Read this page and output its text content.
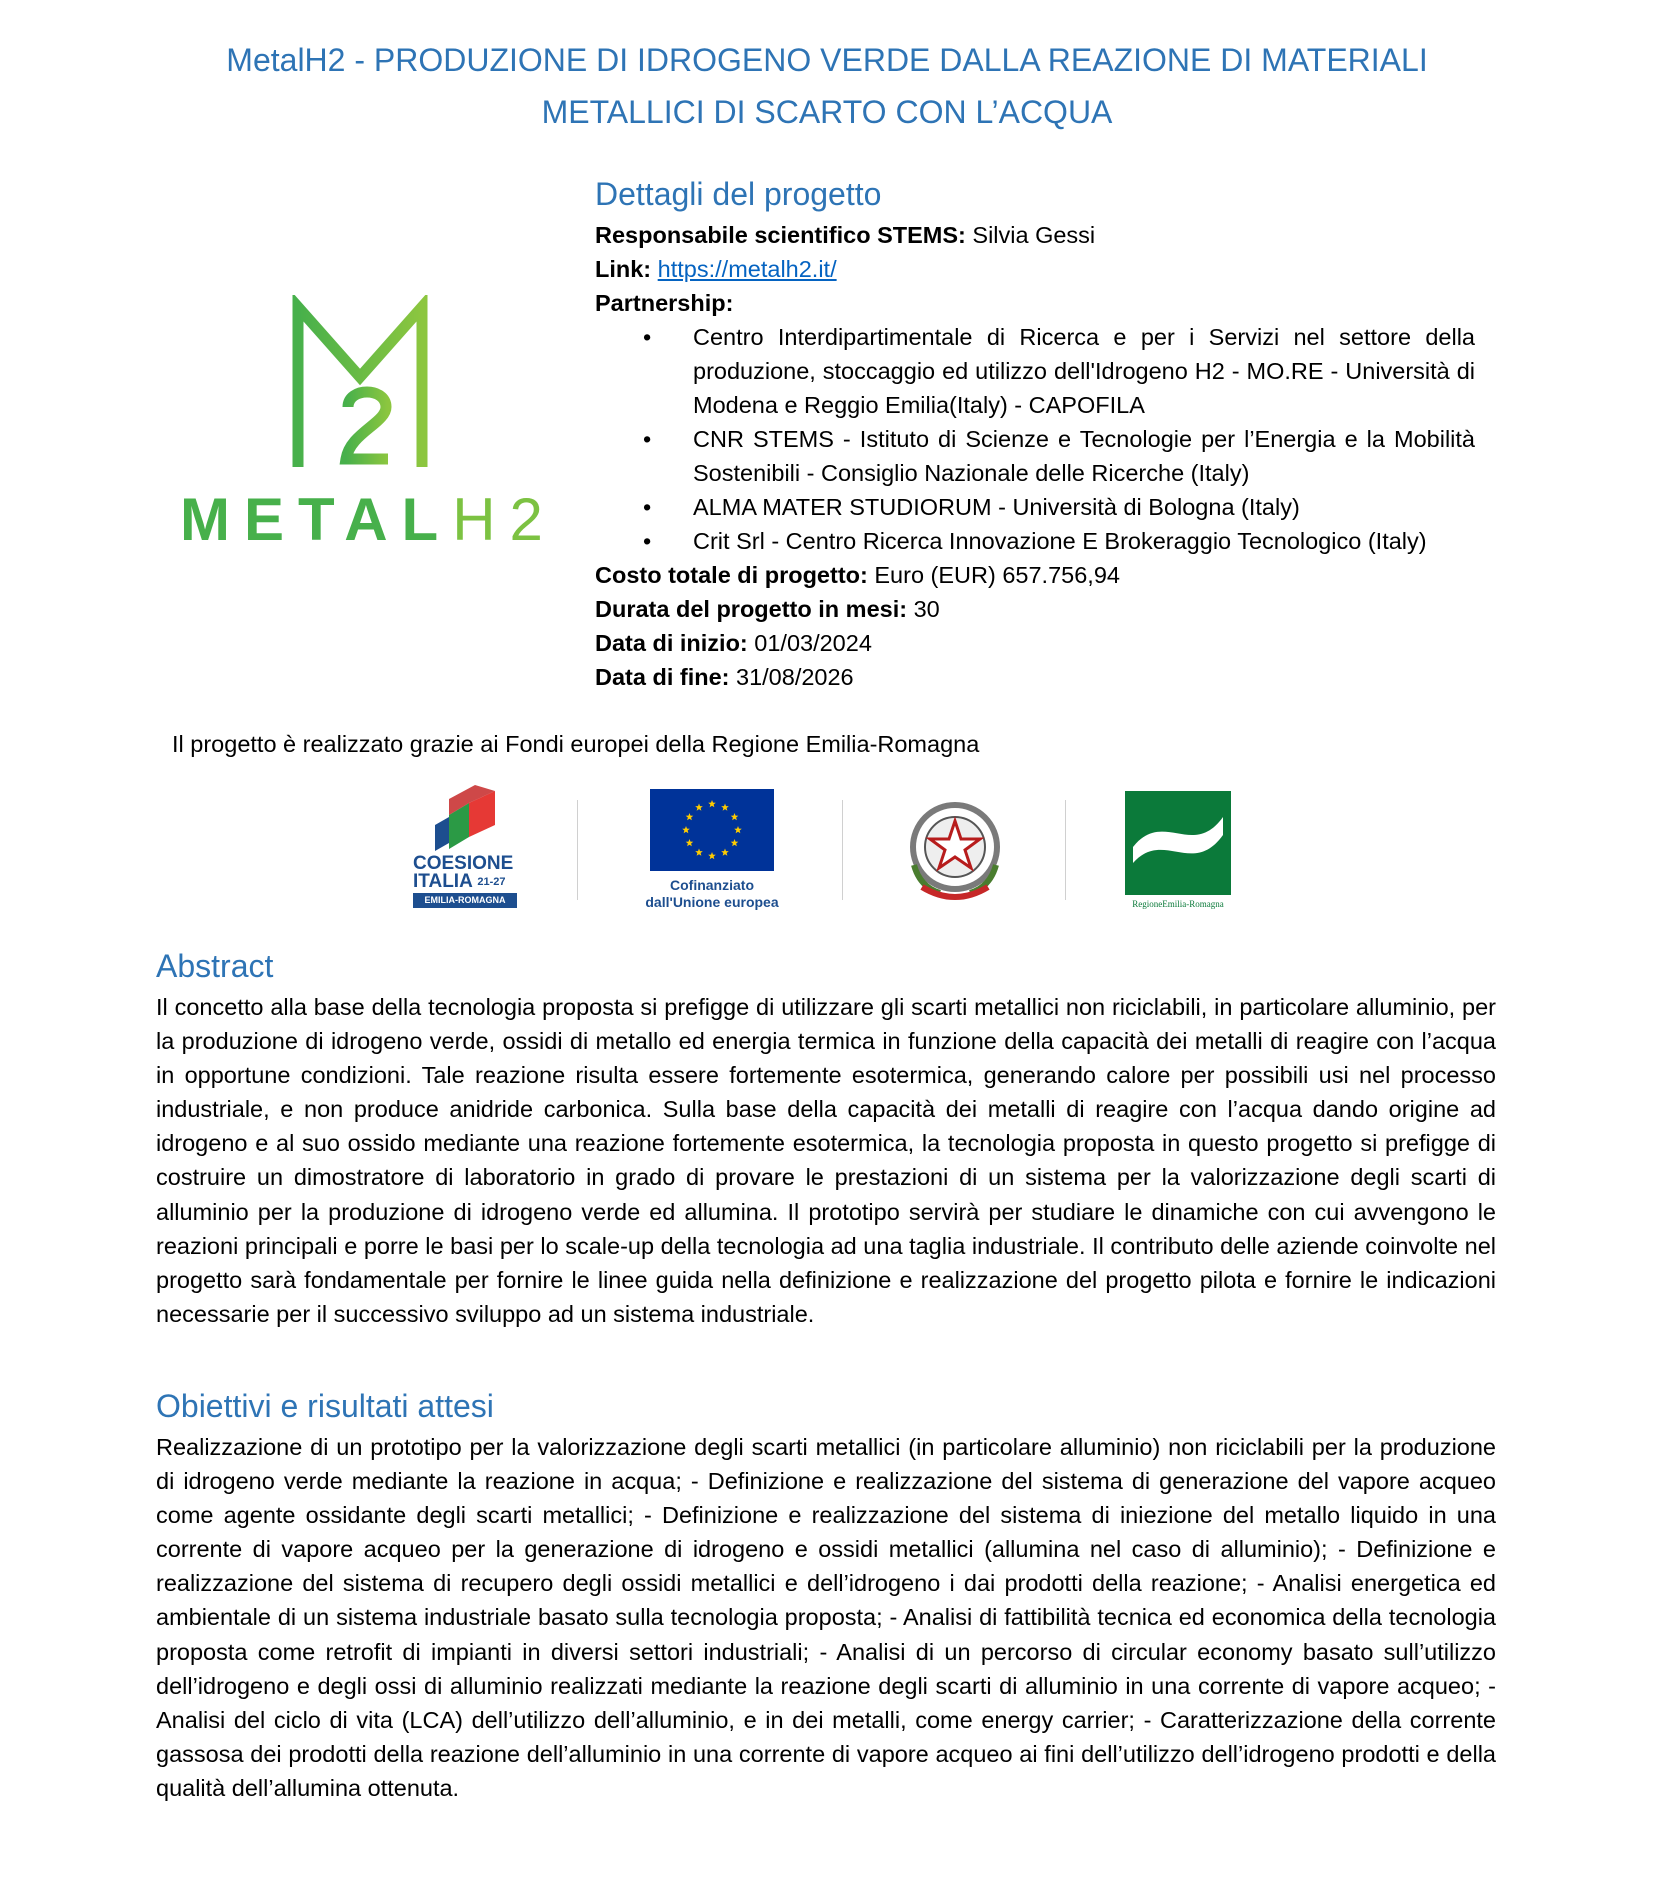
MetalH2 - PRODUZIONE DI IDROGENO VERDE DALLA REAZIONE DI MATERIALI
METALLICI DI SCARTO CON L’ACQUA
METALH2
Dettagli del progetto
Responsabile scientifico STEMS: Silvia Gessi
Link: https://metalh2.it/
Partnership:
• Centro Interdipartimentale di Ricerca e per i Servizi nel settore della produzione, stoccaggio ed utilizzo dell'Idrogeno H2 - MO.RE - Università di Modena e Reggio Emilia(Italy) - CAPOFILA
• CNR STEMS - Istituto di Scienze e Tecnologie per l’Energia e la Mobilità Sostenibili - Consiglio Nazionale delle Ricerche (Italy)
• ALMA MATER STUDIORUM - Università di Bologna (Italy)
• Crit Srl - Centro Ricerca Innovazione E Brokeraggio Tecnologico (Italy)
Costo totale di progetto: Euro (EUR) 657.756,94
Durata del progetto in mesi: 30
Data di inizio: 01/03/2024
Data di fine: 31/08/2026
Il progetto è realizzato grazie ai Fondi europei della Regione Emilia-Romagna
COESIONE
ITALIA $^{21-27}$
EMILIA-ROMAGNA
Cofinanziato
dall'Unione europea	RegioneEmilia-Romagna
Abstract

Il concetto alla base della tecnologia proposta si prefigge di utilizzare gli scarti metallici non riciclabili, in particolare alluminio, per la produzione di idrogeno verde, ossidi di metallo ed energia termica in funzione della capacità dei metalli di reagire con l’acqua in opportune condizioni. Tale reazione risulta essere fortemente esotermica, generando calore per possibili usi nel processo industriale, e non produce anidride carbonica. Sulla base della capacità dei metalli di reagire con l’acqua dando origine ad idrogeno e al suo ossido mediante una reazione fortemente esotermica, la tecnologia proposta in questo progetto si prefigge di costruire un dimostratore di laboratorio in grado di provare le prestazioni di un sistema per la valorizzazione degli scarti di alluminio per la produzione di idrogeno verde ed allumina. Il prototipo servirà per studiare le dinamiche con cui avvengono le reazioni principali e porre le basi per lo scale-up della tecnologia ad una taglia industriale. Il contributo delle aziende coinvolte nel progetto sarà fondamentale per fornire le linee guida nella definizione e realizzazione del progetto pilota e fornire le indicazioni necessarie per il successivo sviluppo ad un sistema industriale.

Obiettivi e risultati attesi

Realizzazione di un prototipo per la valorizzazione degli scarti metallici (in particolare alluminio) non riciclabili per la produzione di idrogeno verde mediante la reazione in acqua; - Definizione e realizzazione del sistema di generazione del vapore acqueo come agente ossidante degli scarti metallici; - Definizione e realizzazione del sistema di iniezione del metallo liquido in una corrente di vapore acqueo per la generazione di idrogeno e ossidi metallici (allumina nel caso di alluminio); - Definizione e realizzazione del sistema di recupero degli ossidi metallici e dell’idrogeno i dai prodotti della reazione; - Analisi energetica ed ambientale di un sistema industriale basato sulla tecnologia proposta; - Analisi di fattibilità tecnica ed economica della tecnologia proposta come retrofit di impianti in diversi settori industriali; - Analisi di un percorso di circular economy basato sull’utilizzo dell’idrogeno e degli ossi di alluminio realizzati mediante la reazione degli scarti di alluminio in una corrente di vapore acqueo; - Analisi del ciclo di vita (LCA) dell’utilizzo dell’alluminio, e in dei metalli, come energy carrier; - Caratterizzazione della corrente gassosa dei prodotti della reazione dell’alluminio in una corrente di vapore acqueo ai fini dell’utilizzo dell’idrogeno prodotti e della qualità dell’allumina ottenuta.
